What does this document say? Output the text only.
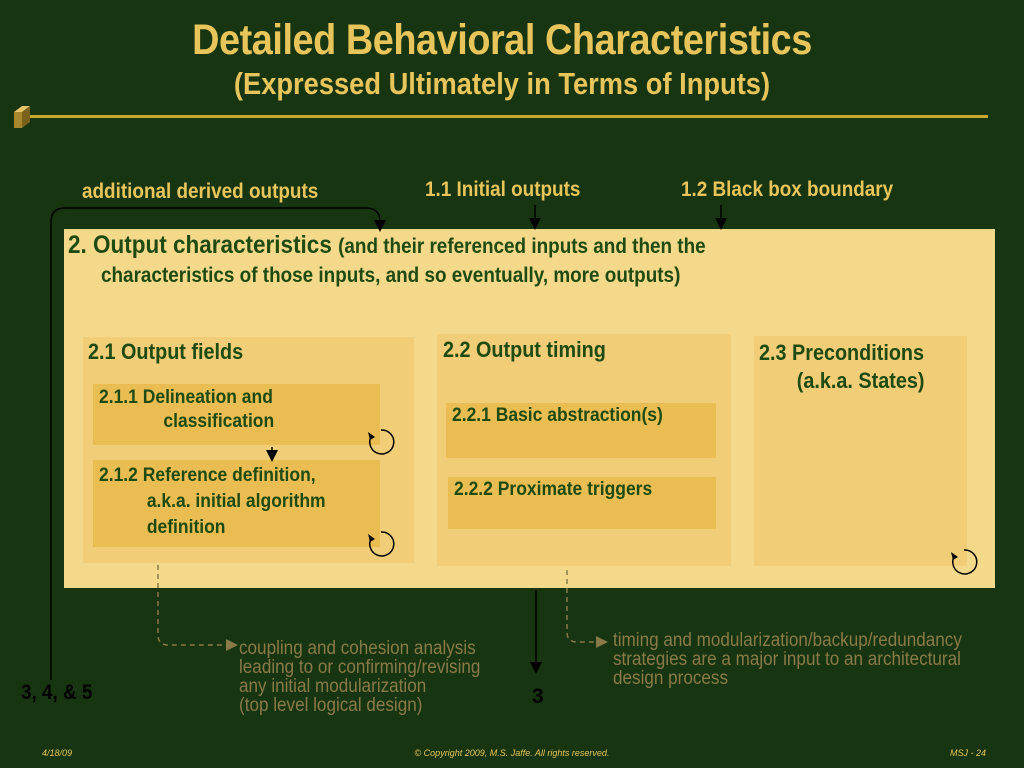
Detailed Behavioral Characteristics
(Expressed Ultimately in Terms of Inputs)
additional derived outputs	1.1 Initial outputs	1.2 Black box boundary
2. Output characteristics (and their referenced inputs and then the
characteristics of those inputs, and so eventually, more outputs)
2.1 Output fields
2.1.1 Delineation and
classification
2.1.2 Reference definition,
a.k.a. initial algorithm
definition
2.2 Output timing
2.2.1 Basic abstraction(s)
2.2.2 Proximate triggers
2.3 Preconditions
(a.k.a. States)
3, 4, & 5	3
coupling and cohesion analysis
leading to or confirming/revising
any initial modularization
(top level logical design)
timing and modularization/backup/redundancy
strategies are a major input to an architectural
design process
4/18/09	© Copyright 2009, M.S. Jaffe. All rights reserved.	MSJ - 24
